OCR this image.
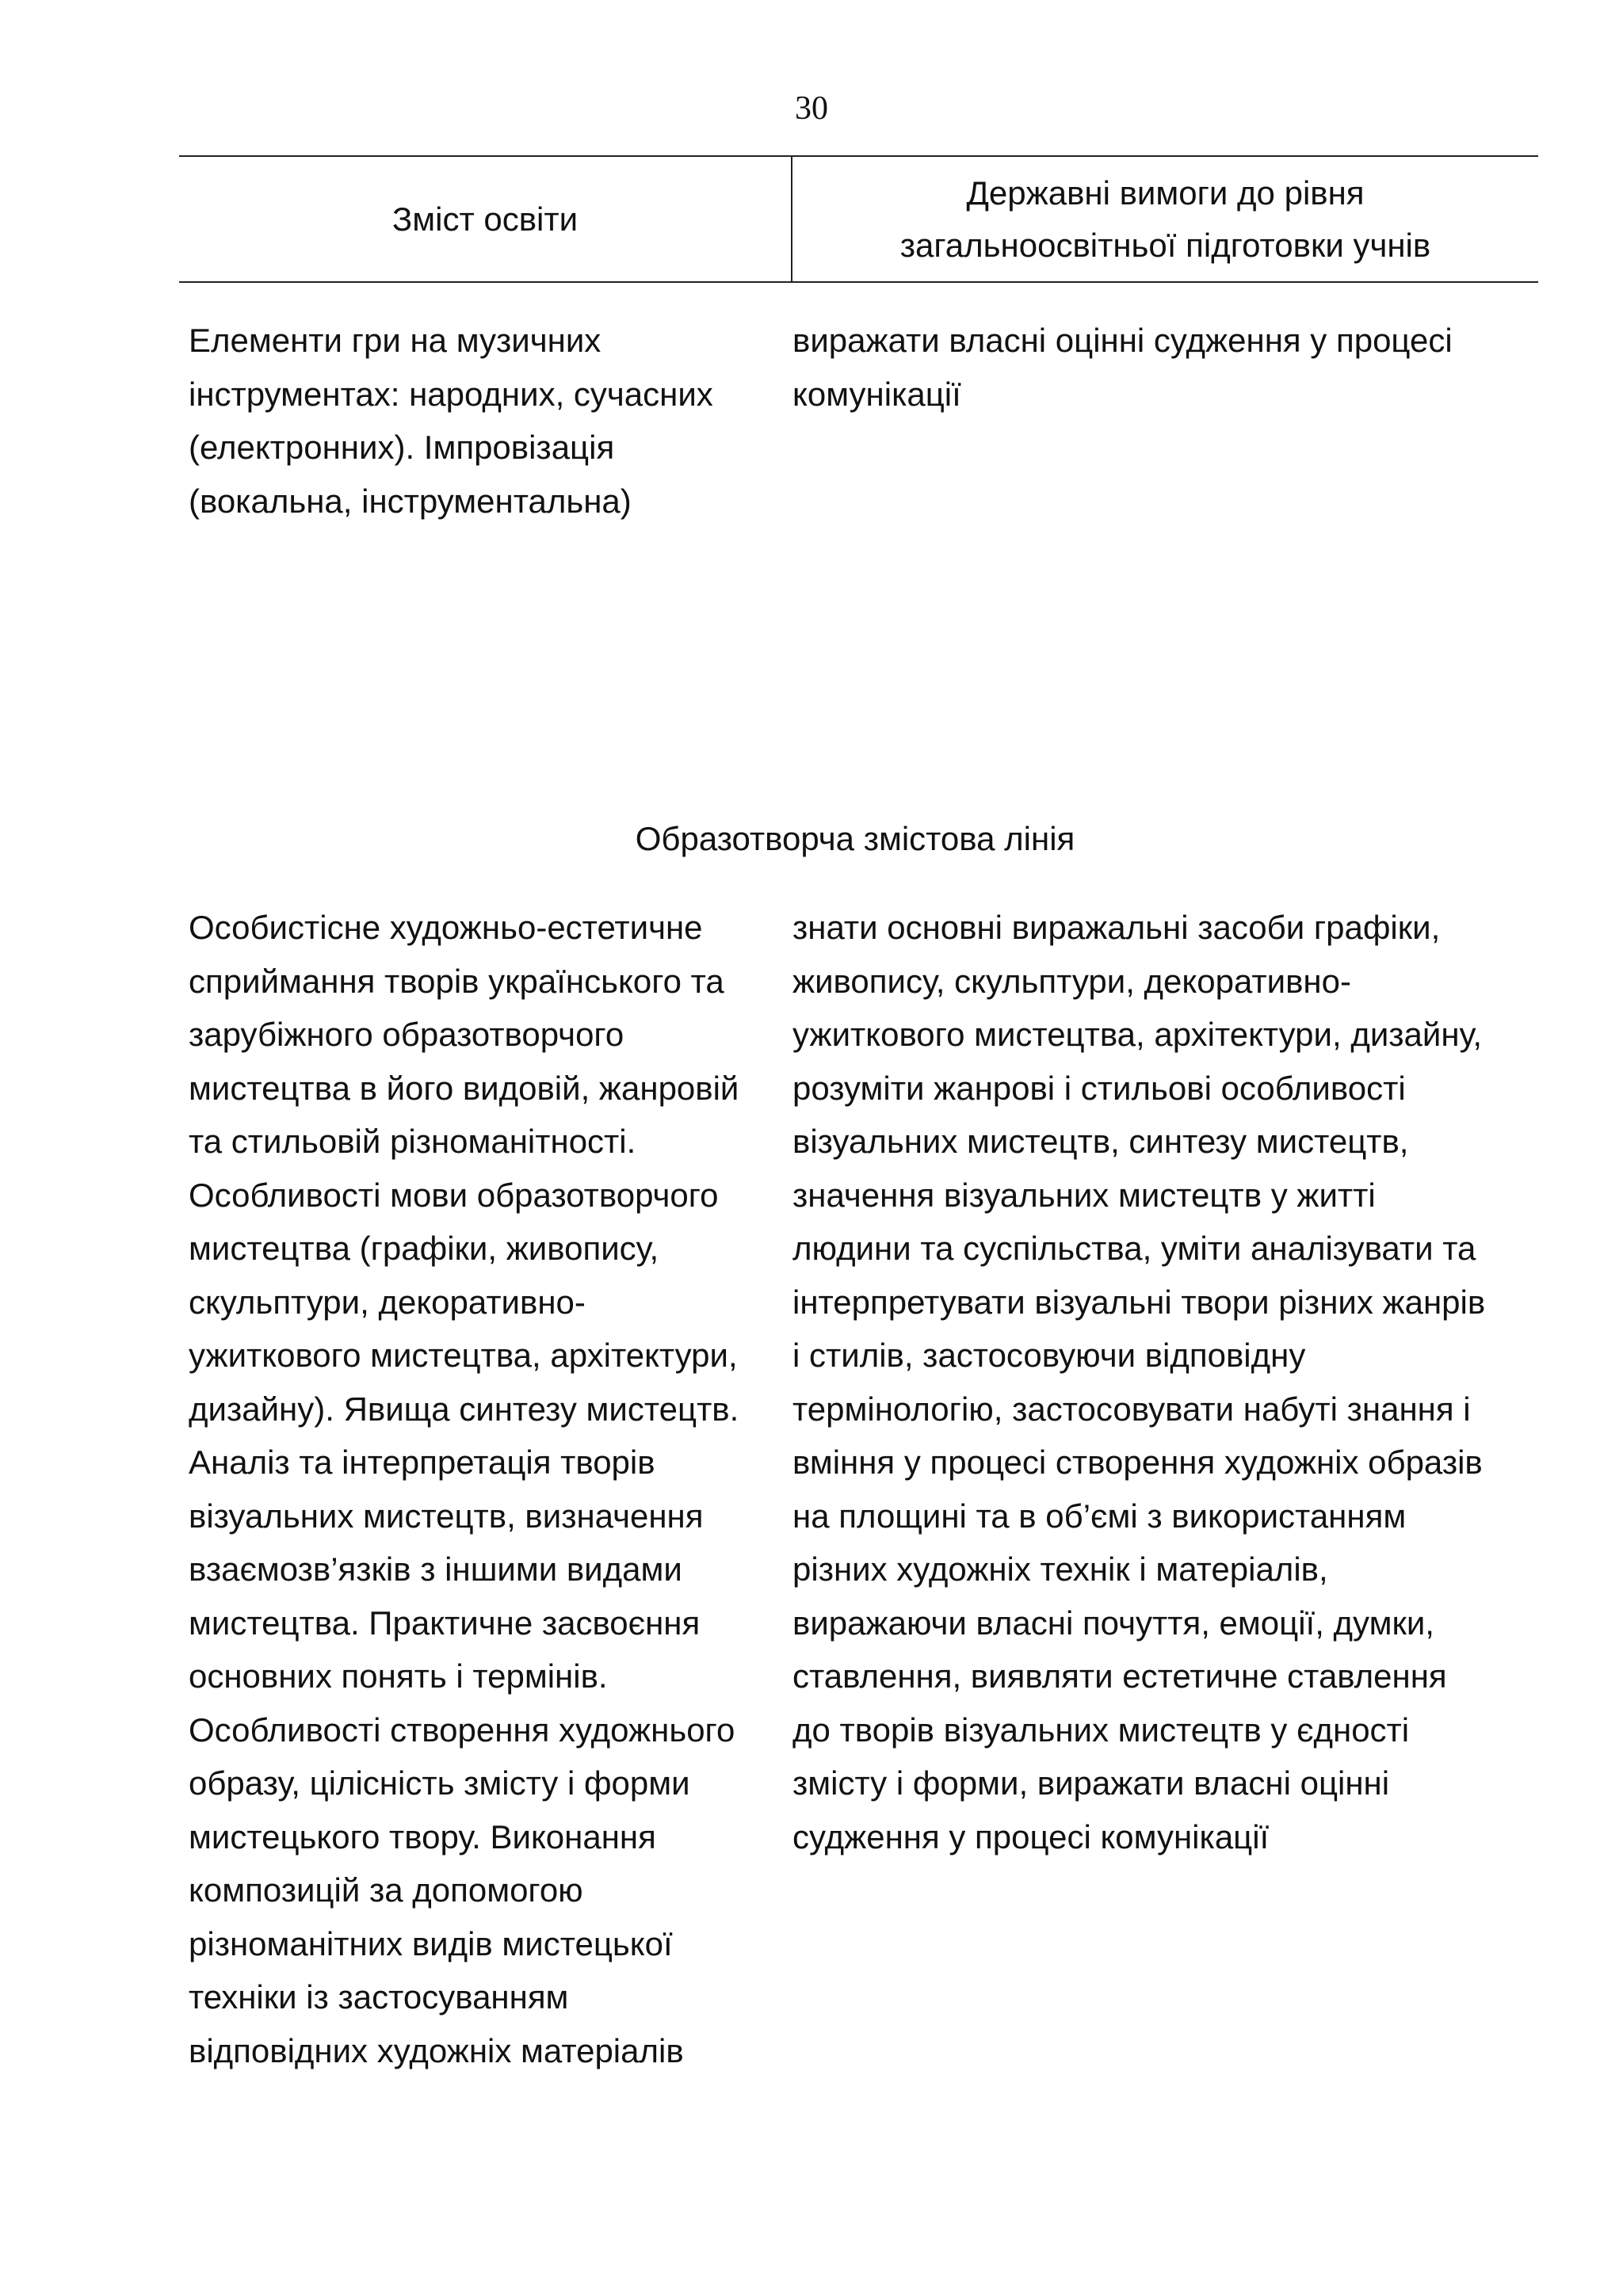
30
Зміст освіти
Державні вимоги до рівня
загальноосвітньої підготовки учнів
Елементи гри на музичних
інструментах: народних, сучасних
(електронних). Імпровізація
(вокальна, інструментальна)
виражати власні оцінні судження у процесі
комунікації
Образотворча змістова лінія
Особистісне художньо-естетичне
сприймання творів українського та
зарубіжного образотворчого
мистецтва в його видовій, жанровій
та стильовій різноманітності.
Особливості мови образотворчого
мистецтва (графіки, живопису,
скульптури, декоративно-
ужиткового мистецтва, архітектури,
дизайну). Явища синтезу мистецтв.
Аналіз та інтерпретація творів
візуальних мистецтв, визначення
взаємозв’язків з іншими видами
мистецтва. Практичне засвоєння
основних понять і термінів.
Особливості створення художнього
образу, цілісність змісту і форми
мистецького твору. Виконання
композицій за допомогою
різноманітних видів мистецької
техніки із застосуванням
відповідних художніх матеріалів
знати основні виражальні засоби графіки,
живопису, скульптури, декоративно-
ужиткового мистецтва, архітектури, дизайну,
розуміти жанрові і стильові особливості
візуальних мистецтв, синтезу мистецтв,
значення візуальних мистецтв у житті
людини та суспільства, уміти аналізувати та
інтерпретувати візуальні твори різних жанрів
і стилів, застосовуючи відповідну
термінологію, застосовувати набуті знання і
вміння у процесі створення художніх образів
на площині та в об’ємі з використанням
різних художніх технік і матеріалів,
виражаючи власні почуття, емоції, думки,
ставлення, виявляти естетичне ставлення
до творів візуальних мистецтв у єдності
змісту і форми, виражати власні оцінні
судження у процесі комунікації
